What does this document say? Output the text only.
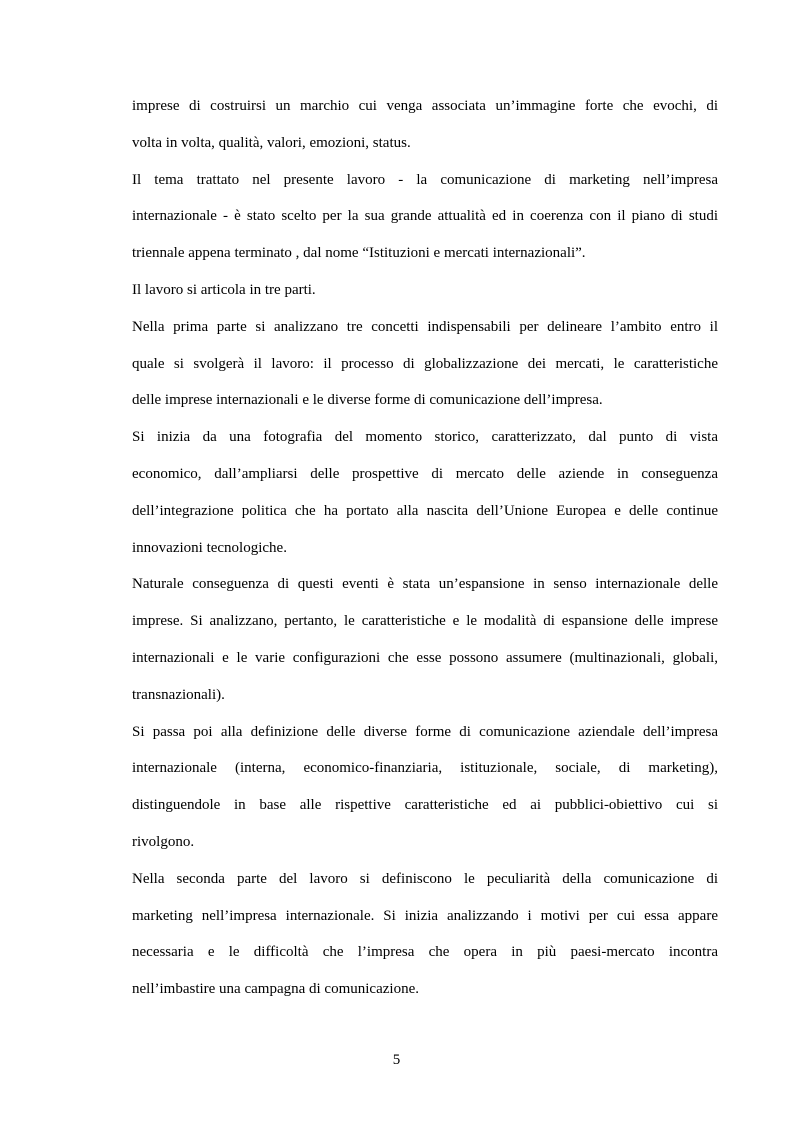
imprese di costruirsi un marchio cui venga associata un’immagine forte che evochi, di
volta in volta, qualità, valori, emozioni, status.
Il tema trattato nel presente lavoro - la comunicazione di marketing nell’impresa
internazionale - è stato scelto per la sua grande attualità ed in coerenza con il piano di studi
triennale appena terminato , dal nome “Istituzioni e mercati internazionali”.
Il lavoro si articola in tre parti.
Nella prima parte si analizzano tre concetti indispensabili per delineare l’ambito entro il
quale si svolgerà il lavoro: il processo di globalizzazione dei mercati, le caratteristiche
delle imprese internazionali e le diverse forme di comunicazione dell’impresa.
Si inizia da una fotografia del momento storico, caratterizzato, dal punto di vista
economico, dall’ampliarsi delle prospettive di mercato delle aziende in conseguenza
dell’integrazione politica che ha portato alla nascita dell’Unione Europea e delle continue
innovazioni tecnologiche.
Naturale conseguenza di questi eventi è stata un’espansione in senso internazionale delle
imprese. Si analizzano, pertanto, le caratteristiche e le modalità di espansione delle imprese
internazionali e le varie configurazioni che esse possono assumere (multinazionali, globali,
transnazionali).
Si passa poi alla definizione delle diverse forme di comunicazione aziendale dell’impresa
internazionale (interna, economico-finanziaria, istituzionale, sociale, di marketing),
distinguendole in base alle rispettive caratteristiche ed ai pubblici-obiettivo cui si
rivolgono.
Nella seconda parte del lavoro si definiscono le peculiarità della comunicazione di
marketing nell’impresa internazionale. Si inizia analizzando i motivi per cui essa appare
necessaria e le difficoltà che l’impresa che opera in più paesi-mercato incontra
nell’imbastire una campagna di comunicazione.
5
